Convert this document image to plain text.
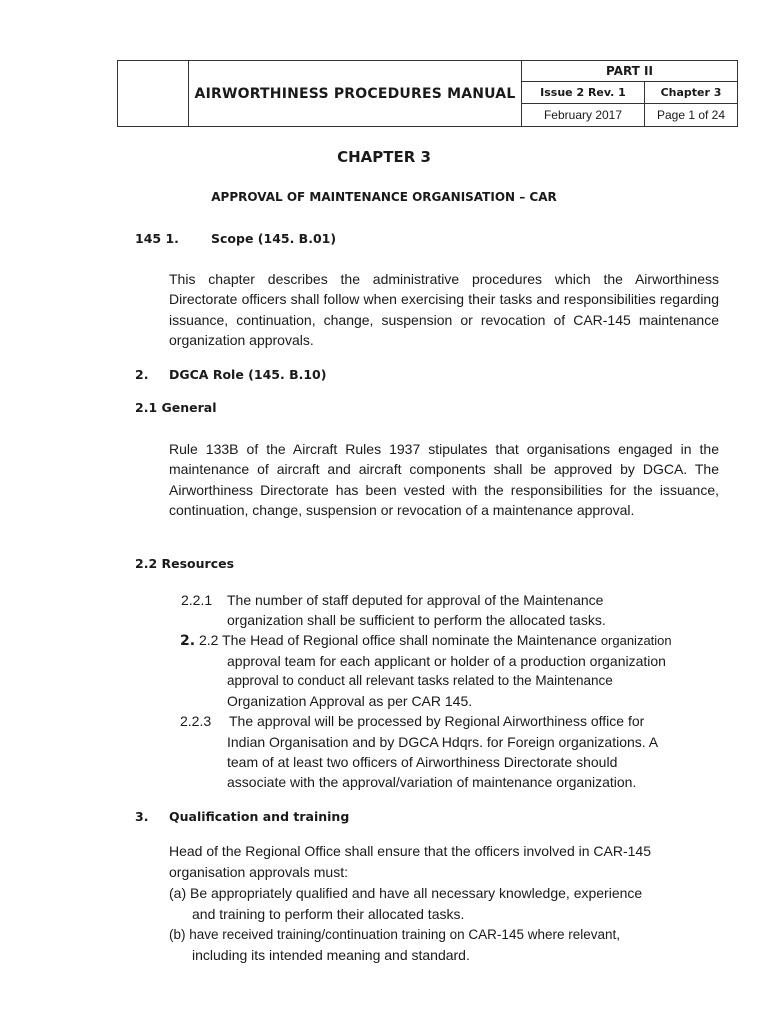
AIRWORTHINESS PROCEDURES MANUAL
PART II
Issue 2 Rev. 1	Chapter 3
February 2017	Page 1 of 24
CHAPTER 3
APPROVAL OF MAINTENANCE ORGANISATION – CAR
145 1.	Scope (145. B.01)
This chapter describes the administrative procedures which the Airworthiness Directorate officers shall follow when exercising their tasks and responsibilities regarding issuance, continuation, change, suspension or revocation of CAR-145 maintenance organization approvals.
2. DGCA Role (145. B.10)
2.1 General
Rule 133B of the Aircraft Rules 1937 stipulates that organisations engaged in the maintenance of aircraft and aircraft components shall be approved by DGCA. The Airworthiness Directorate has been vested with the responsibilities for the issuance, continuation, change, suspension or revocation of a maintenance approval.
2.2 Resources
2.2.1 The number of staff deputed for approval of the Maintenance
organization shall be sufficient to perform the allocated tasks.
2. 2.2 The Head of Regional office shall nominate the Maintenance organization
approval team for each applicant or holder of a production organization
approval to conduct all relevant tasks related to the Maintenance
Organization Approval as per CAR 145.
2.2.3 The approval will be processed by Regional Airworthiness office for
Indian Organisation and by DGCA Hdqrs. for Foreign organizations. A
team of at least two officers of Airworthiness Directorate should
associate with the approval/variation of maintenance organization.
3. Qualification and training
Head of the Regional Office shall ensure that the officers involved in CAR-145
organisation approvals must:
(a) Be appropriately qualified and have all necessary knowledge, experience
and training to perform their allocated tasks.
(b) have received training/continuation training on CAR-145 where relevant,
including its intended meaning and standard.
